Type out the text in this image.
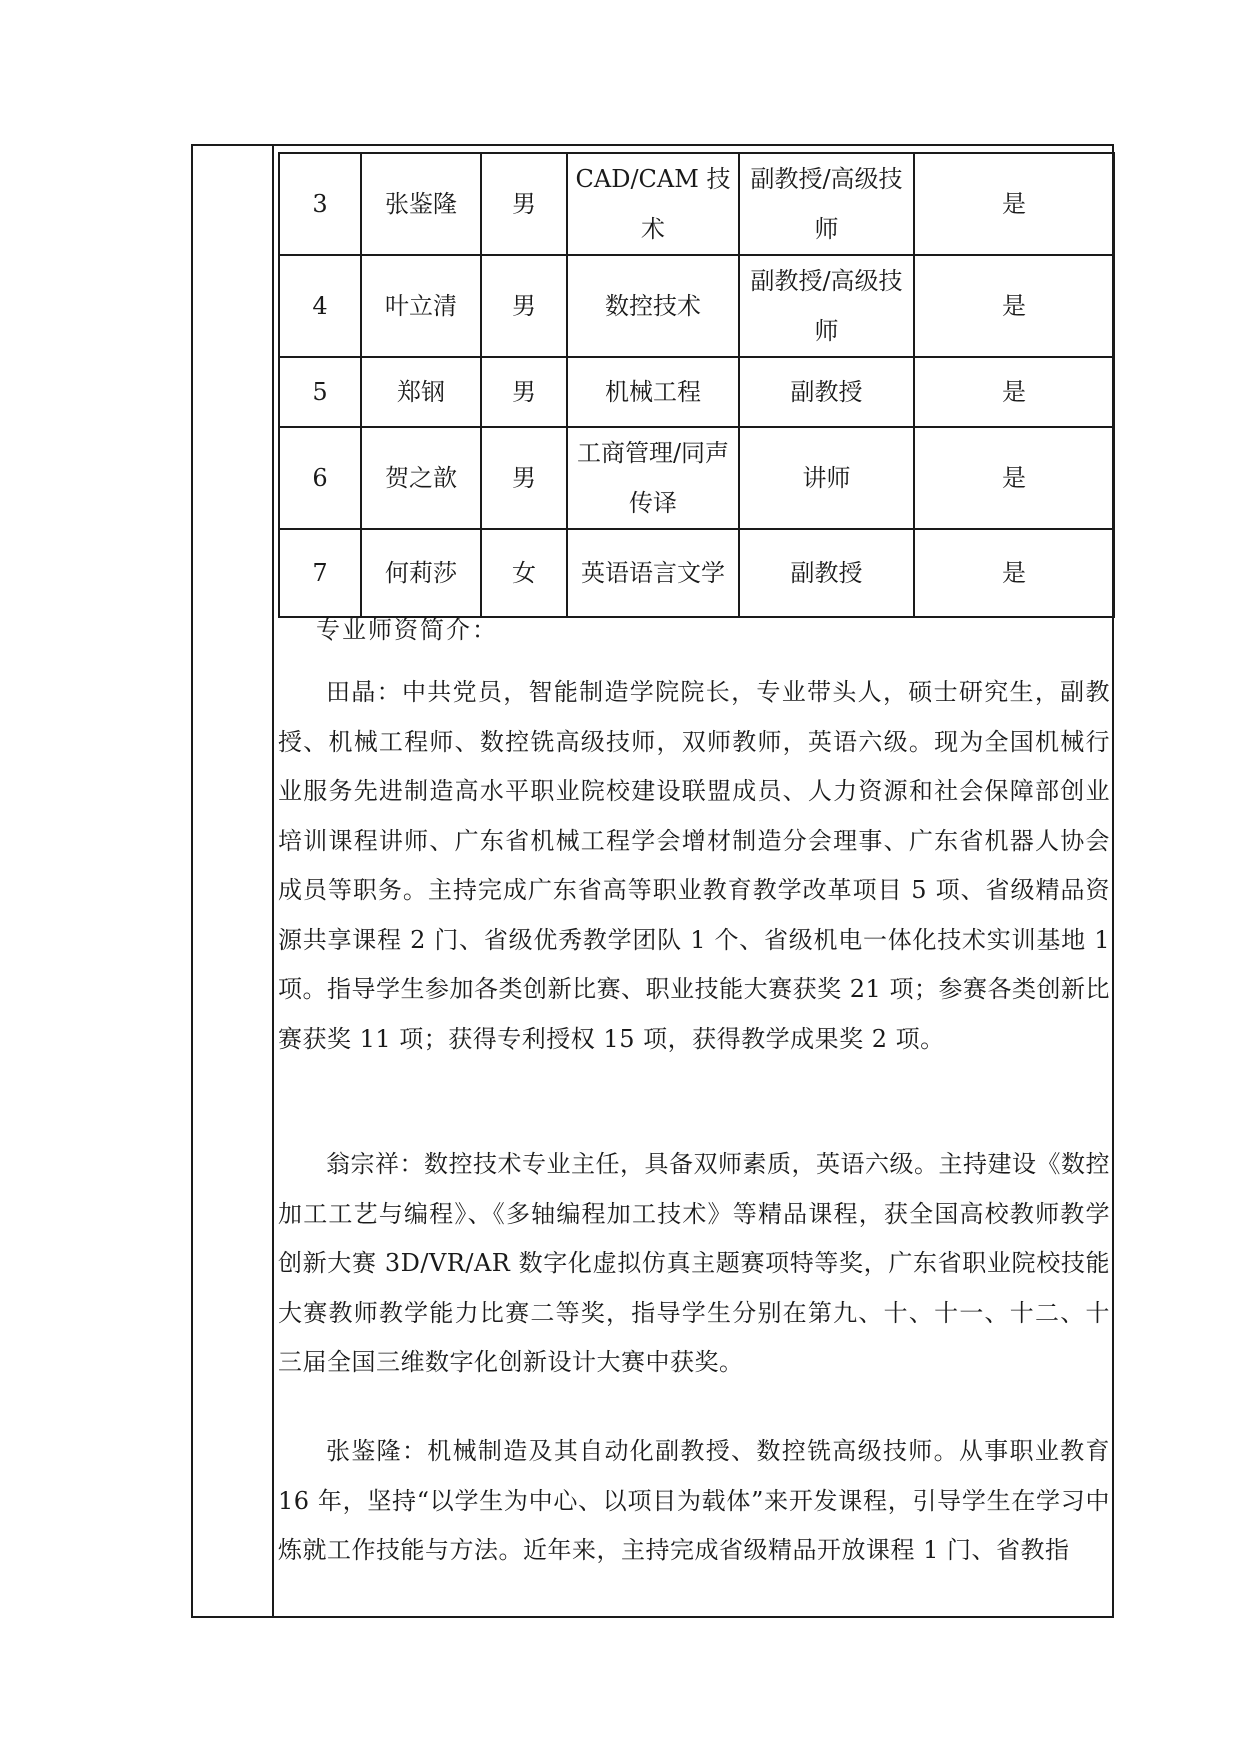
3	张鉴隆	男	CAD/CAM 技术	副教授/高级技师	是
4	叶立清	男	数控技术	副教授/高级技师	是
5	郑钢	男	机械工程	副教授	是
6	贺之歆	男	工商管理/同声传译	讲师	是
7	何莉莎	女	英语语言文学	副教授	是
专业师资简介：

田晶：中共党员，智能制造学院院长，专业带头人，硕士研究生，副教授、机械工程师、数控铣高级技师，双师教师，英语六级。现为全国机械行业服务先进制造高水平职业院校建设联盟成员、人力资源和社会保障部创业培训课程讲师、广东省机械工程学会增材制造分会理事、广东省机器人协会成员等职务。主持完成广东省高等职业教育教学改革项目 5 项、省级精品资源共享课程 2 门、省级优秀教学团队 1 个、省级机电一体化技术实训基地 1 项。指导学生参加各类创新比赛、职业技能大赛获奖 21 项；参赛各类创新比赛获奖 11 项；获得专利授权 15 项，获得教学成果奖 2 项。

翁宗祥：数控技术专业主任，具备双师素质，英语六级。主持建设《数控加工工艺与编程》、《多轴编程加工技术》等精品课程，获全国高校教师教学创新大赛 3D/VR/AR 数字化虚拟仿真主题赛项特等奖，广东省职业院校技能大赛教师教学能力比赛二等奖，指导学生分别在第九、十、十一、十二、十三届全国三维数字化创新设计大赛中获奖。

张鉴隆：机械制造及其自动化副教授、数控铣高级技师。从事职业教育 16 年，坚持“以学生为中心、以项目为载体”来开发课程，引导学生在学习中炼就工作技能与方法。近年来，主持完成省级精品开放课程 1 门、省教指
